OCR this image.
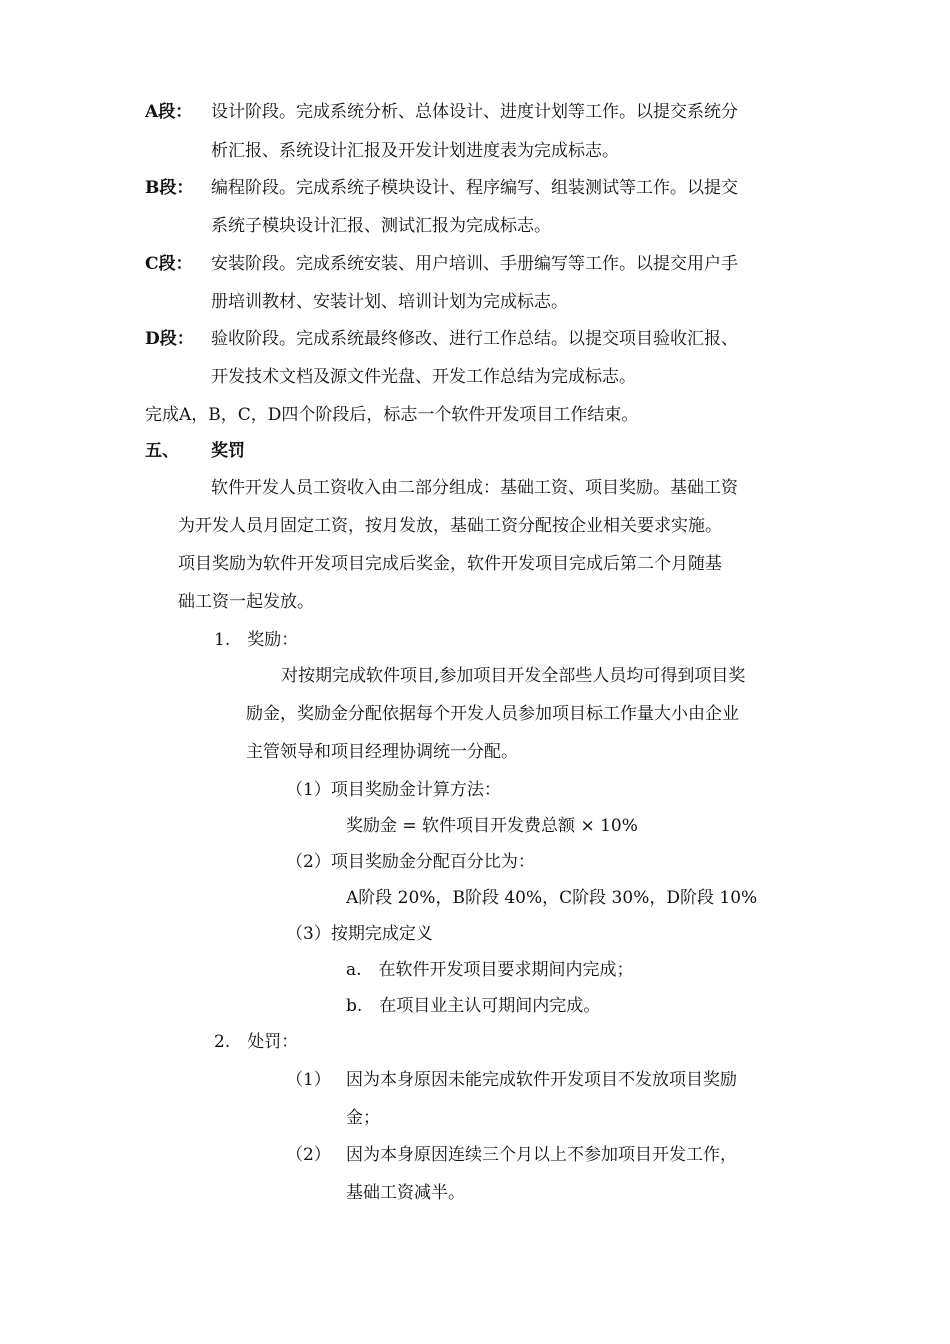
A段： 设计阶段。完成系统分析、总体设计、进度计划等工作。以提交系统分
析汇报、系统设计汇报及开发计划进度表为完成标志。
B段： 编程阶段。完成系统子模块设计、程序编写、组装测试等工作。以提交
系统子模块设计汇报、测试汇报为完成标志。
C段： 安装阶段。完成系统安装、用户培训、手册编写等工作。以提交用户手
册培训教材、安装计划、培训计划为完成标志。
D段： 验收阶段。完成系统最终修改、进行工作总结。以提交项目验收汇报、
开发技术文档及源文件光盘、开发工作总结为完成标志。
完成A，B，C，D四个阶段后，标志一个软件开发项目工作结束。
五、 奖罚
软件开发人员工资收入由二部分组成：基础工资、项目奖励。基础工资
为开发人员月固定工资，按月发放，基础工资分配按企业相关要求实施。
项目奖励为软件开发项目完成后奖金，软件开发项目完成后第二个月随基
础工资一起发放。
1.　奖励：
对按期完成软件项目,参加项目开发全部些人员均可得到项目奖
励金，奖励金分配依据每个开发人员参加项目标工作量大小由企业
主管领导和项目经理协调统一分配。
（1）项目奖励金计算方法：
奖励金 = 软件项目开发费总额 × 10%
（2）项目奖励金分配百分比为：
A阶段 20%，B阶段 40%，C阶段 30%，D阶段 10%
（3）按期完成定义
a.　在软件开发项目要求期间内完成；
b.　在项目业主认可期间内完成。
2.　处罚：
（1） 因为本身原因未能完成软件开发项目不发放项目奖励
金；
（2） 因为本身原因连续三个月以上不参加项目开发工作，
基础工资减半。
